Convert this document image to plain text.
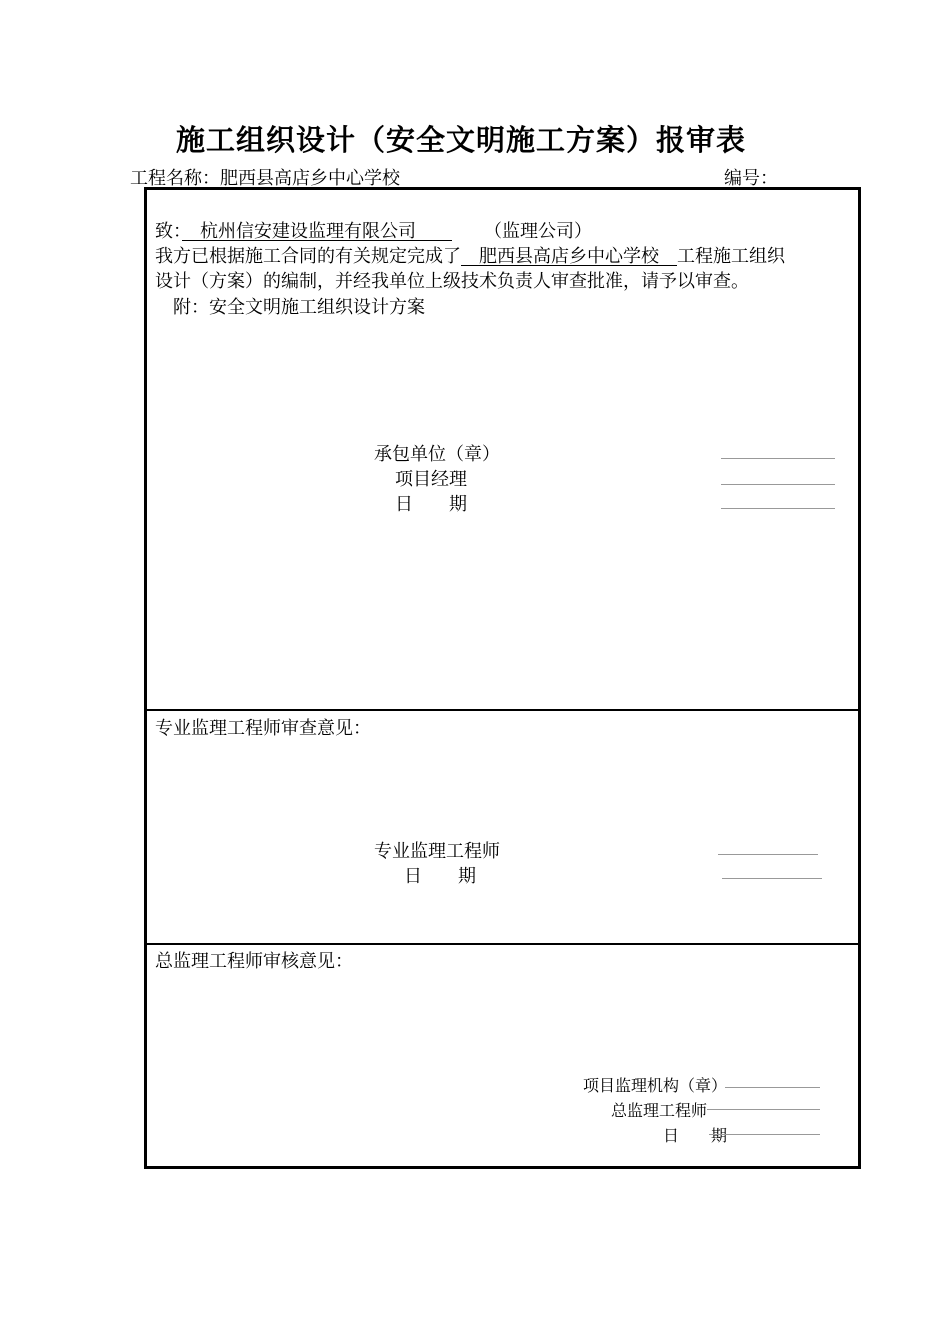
施工组织设计（安全文明施工方案）报审表
工程名称：肥西县高店乡中心学校	编号：
致：　 杭州信安建设监理有限公司　　	（监理公司）
我方已根据施工合同的有关规定完成了　 肥西县高店乡中心学校　 工程施工组织
设计（方案）的编制，并经我单位上级技术负责人审查批准，请予以审查。
附：安全文明施工组织设计方案
承包单位（章）
项目经理
日　　期
专业监理工程师审查意见：
专业监理工程师
日　　期
总监理工程师审核意见：
项目监理机构（章）
总监理工程师
日　　期
